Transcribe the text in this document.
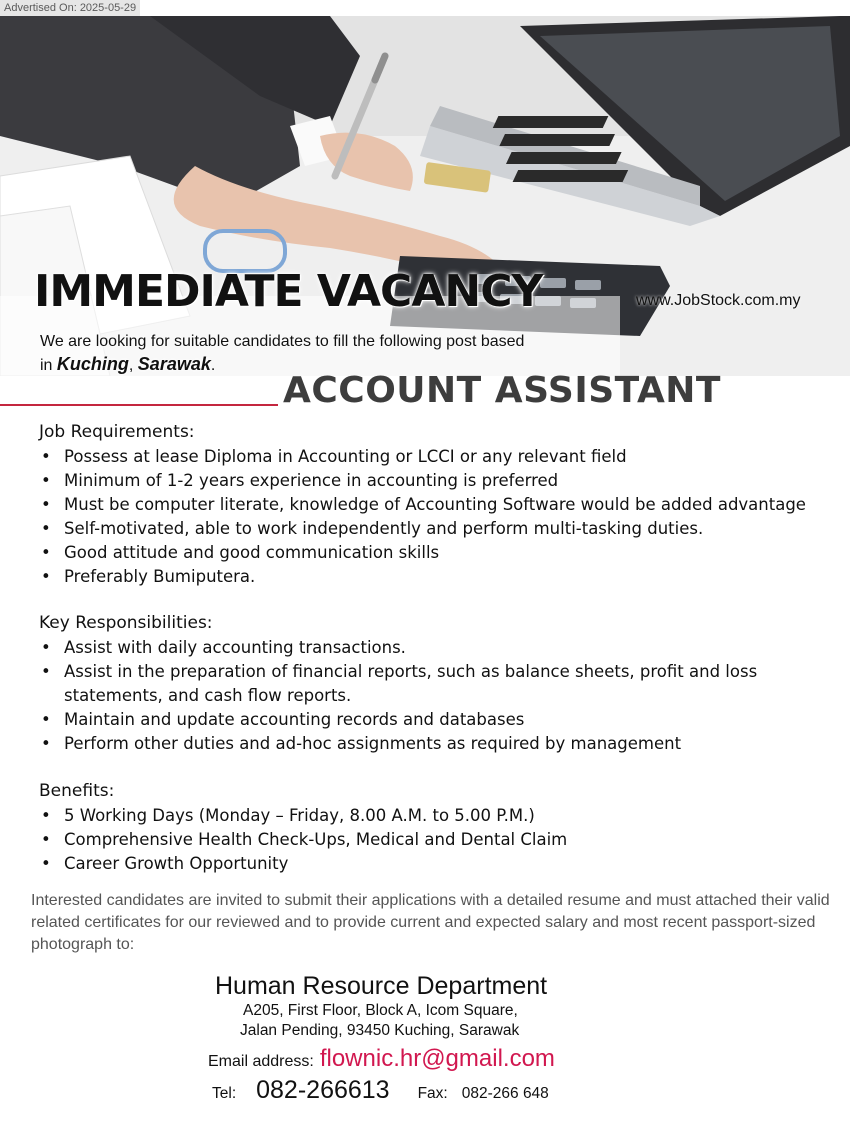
Advertised On: 2025-05-29
IMMEDIATE VACANCY	www.JobStock.com.my
We are looking for suitable candidates to fill the following post based
in Kuching, Sarawak.
ACCOUNT ASSISTANT
Job Requirements:
• Possess at lease Diploma in Accounting or LCCI or any relevant field
• Minimum of 1-2 years experience in accounting is preferred
• Must be computer literate, knowledge of Accounting Software would be added advantage
• Self-motivated, able to work independently and perform multi-tasking duties.
• Good attitude and good communication skills
• Preferably Bumiputera.
Key Responsibilities:
• Assist with daily accounting transactions.
• Assist in the preparation of financial reports, such as balance sheets, profit and loss statements, and cash flow reports.
• Maintain and update accounting records and databases
• Perform other duties and ad-hoc assignments as required by management
Benefits:
• 5 Working Days (Monday – Friday, 8.00 A.M. to 5.00 P.M.)
• Comprehensive Health Check-Ups, Medical and Dental Claim
• Career Growth Opportunity
Interested candidates are invited to submit their applications with a detailed resume and must attached their valid related certificates for our reviewed and to provide current and expected salary and most recent passport-sized photograph to:
Human Resource Department
A205, First Floor, Block A, Icom Square,
Jalan Pending, 93450 Kuching, Sarawak
Email address: flownic.hr@gmail.com
Tel: 082-266613 Fax: 082-266 648
